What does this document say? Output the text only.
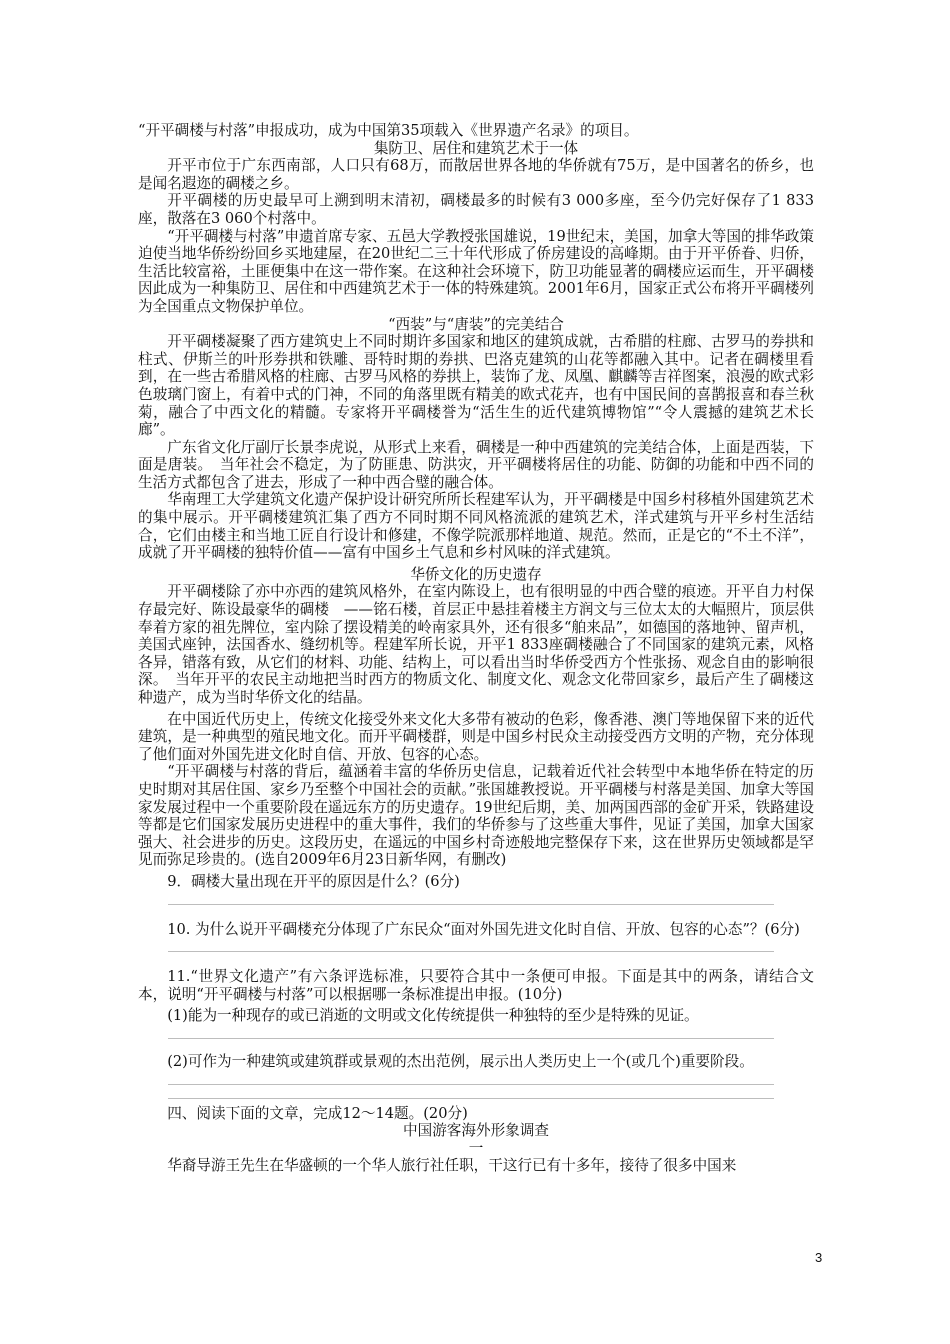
“开平碉楼与村落”申报成功，成为中国第35项载入《世界遗产名录》的项目。

集防卫、居住和建筑艺术于一体

开平市位于广东西南部，人口只有68万，而散居世界各地的华侨就有75万，是中国著名的侨乡，也是闻名遐迩的碉楼之乡。

开平碉楼的历史最早可上溯到明末清初，碉楼最多的时候有3 000多座，至今仍完好保存了1 833座，散落在3 060个村落中。

“开平碉楼与村落”申遗首席专家、五邑大学教授张国雄说，19世纪末，美国，加拿大等国的排华政策迫使当地华侨纷纷回乡买地建屋，在20世纪二三十年代形成了侨房建设的高峰期。由于开平侨眷、归侨，生活比较富裕，土匪便集中在这一带作案。在这种社会环境下，防卫功能显著的碉楼应运而生，开平碉楼因此成为一种集防卫、居住和中西建筑艺术于一体的特殊建筑。2001年6月，国家正式公布将开平碉楼列为全国重点文物保护单位。

“西装”与“唐装”的完美结合

开平碉楼凝聚了西方建筑史上不同时期许多国家和地区的建筑成就，古希腊的柱廊、古罗马的券拱和柱式、伊斯兰的叶形券拱和铁雕、哥特时期的券拱、巴洛克建筑的山花等都融入其中。记者在碉楼里看到，在一些古希腊风格的柱廊、古罗马风格的券拱上，装饰了龙、凤凰、麒麟等吉祥图案，浪漫的欧式彩色玻璃门窗上，有着中式的门神，不同的角落里既有精美的欧式花卉，也有中国民间的喜鹊报喜和春兰秋菊，融合了中西文化的精髓。专家将开平碉楼誉为“活生生的近代建筑博物馆”“令人震撼的建筑艺术长廊”。

广东省文化厅副厅长景李虎说，从形式上来看，碉楼是一种中西建筑的完美结合体，上面是西装，下面是唐装。　当年社会不稳定，为了防匪患、防洪灾，开平碉楼将居住的功能、防御的功能和中西不同的生活方式都包含了进去，形成了一种中西合璧的融合体。

华南理工大学建筑文化遗产保护设计研究所所长程建军认为，开平碉楼是中国乡村移植外国建筑艺术的集中展示。开平碉楼建筑汇集了西方不同时期不同风格流派的建筑艺术，洋式建筑与开平乡村生活结合，它们由楼主和当地工匠自行设计和修建，不像学院派那样地道、规范。然而，正是它的“不土不洋”，成就了开平碉楼的独特价值——富有中国乡土气息和乡村风味的洋式建筑。

华侨文化的历史遗存

开平碉楼除了亦中亦西的建筑风格外，在室内陈设上，也有很明显的中西合璧的痕迹。开平自力村保存最完好、陈设最豪华的碉楼　——铭石楼，首层正中悬挂着楼主方润文与三位太太的大幅照片，顶层供奉着方家的祖先牌位，室内除了摆设精美的岭南家具外，还有很多“舶来品”，如德国的落地钟、留声机，美国式座钟，法国香水、缝纫机等。程建军所长说，开平1 833座碉楼融合了不同国家的建筑元素，风格各异，错落有致，从它们的材料、功能、结构上，可以看出当时华侨受西方个性张扬、观念自由的影响很深。　当年开平的农民主动地把当时西方的物质文化、制度文化、观念文化带回家乡，最后产生了碉楼这种遗产，成为当时华侨文化的结晶。

在中国近代历史上，传统文化接受外来文化大多带有被动的色彩，像香港、澳门等地保留下来的近代建筑，是一种典型的殖民地文化。而开平碉楼群，则是中国乡村民众主动接受西方文明的产物，充分体现了他们面对外国先进文化时自信、开放、包容的心态。

“开平碉楼与村落的背后，蕴涵着丰富的华侨历史信息，记载着近代社会转型中本地华侨在特定的历史时期对其居住国、家乡乃至整个中国社会的贡献。”张国雄教授说。开平碉楼与村落是美国、加拿大等国家发展过程中一个重要阶段在遥远东方的历史遗存。19世纪后期，美、加两国西部的金矿开采，铁路建设等都是它们国家发展历史进程中的重大事件，我们的华侨参与了这些重大事件，见证了美国，加拿大国家强大、社会进步的历史。这段历史，在遥远的中国乡村奇迹般地完整保存下来，这在世界历史领域都是罕见而弥足珍贵的。(选自2009年6月23日新华网，有删改)

9．碉楼大量出现在开平的原因是什么？(6分)

10. 为什么说开平碉楼充分体现了广东民众“面对外国先进文化时自信、开放、包容的心态”？(6分)

11.“世界文化遗产”有六条评选标准，只要符合其中一条便可申报。下面是其中的两条，请结合文本，说明“开平碉楼与村落”可以根据哪一条标准提出申报。(10分)

(1)能为一种现存的或已消逝的文明或文化传统提供一种独特的至少是特殊的见证。

(2)可作为一种建筑或建筑群或景观的杰出范例，展示出人类历史上一个(或几个)重要阶段。

四、阅读下面的文章，完成12～14题。(20分)

中国游客海外形象调查

一

华裔导游王先生在华盛顿的一个华人旅行社任职，干这行已有十多年，接待了很多中国来

3
